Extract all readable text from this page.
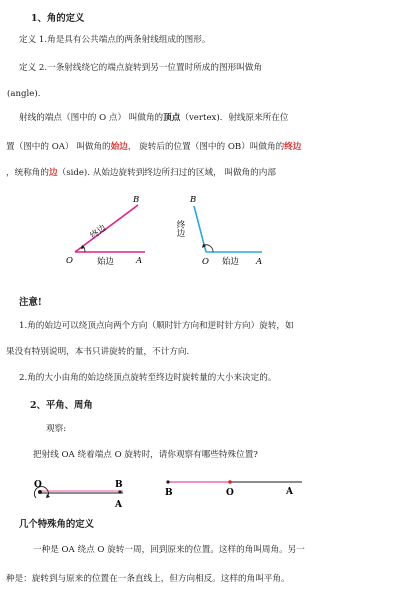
1、角的定义
定义 1.角是具有公共端点的两条射线组成的图形。
定义 2.一条射线绕它的端点旋转到另一位置时所成的图形叫做角
(angle).
射线的端点（图中的 O 点） 叫做角的顶点（vertex)．射线原来所在位
置（图中的 OA） 叫做角的始边， 旋转后的位置（图中的 OB）叫做角的终边
，统称角的边（side). 从始边旋转到终边所扫过的区域， 叫做角的内部
B
O	A
终边
始边
B
O	A
终边
始边
注意!
1.角的始边可以绕顶点向两个方向（顺时针方向和逆时针方向）旋转，如
果没有特别说明，本书只讲旋转的量，不计方向.
2.角的大小由角的始边绕顶点旋转至终边时旋转量的大小来决定的。
2、平角、周角
观察:
把射线 OA 绕着端点 O 旋转时，请你观察有哪些特殊位置?
O	B
A
B	O	A
几个特殊角的定义
一种是 OA 绕点 O 旋转一周，回到原来的位置。这样的角叫周角。另一
种是：旋转到与原来的位置在一条直线上，但方向相反。这样的角叫平角。
